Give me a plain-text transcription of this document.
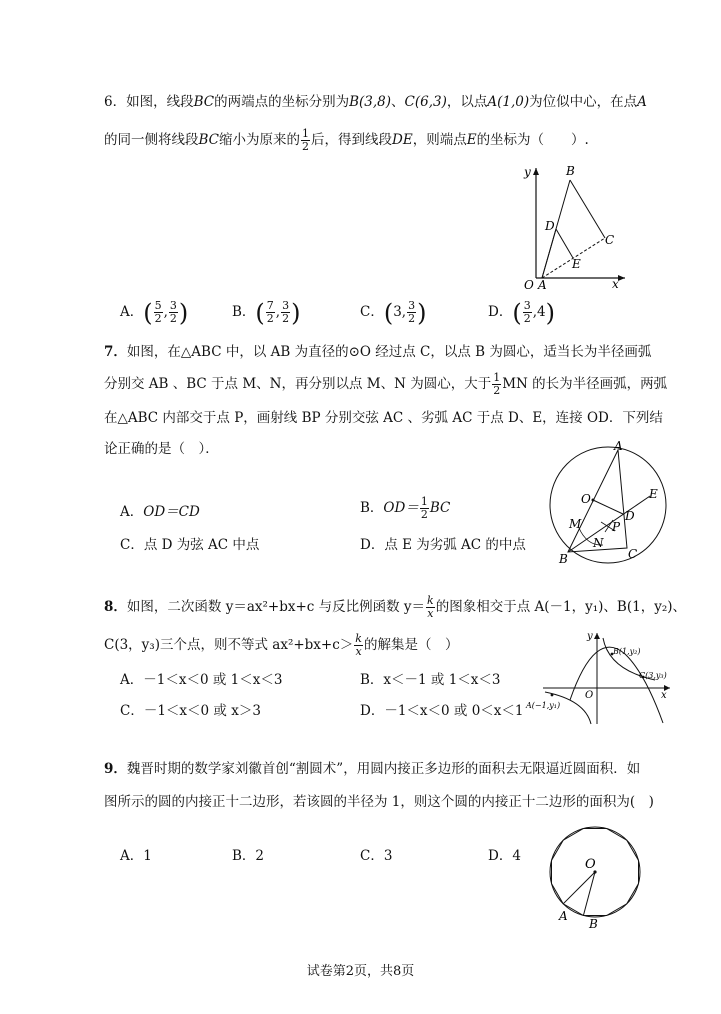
6．如图，线段BC的两端点的坐标分别为B(3,8)、C(6,3)，以点A(1,0)为位似中心，在点A
的同一侧将线段BC缩小为原来的 $\frac{1}{2}$ 后，得到线段DE，则端点E的坐标为（　　）.
y
x
O A
B
C
D
E
A．( $\frac{5}{2}$ , $\frac{3}{2}$ )	B．( $\frac{7}{2}$ , $\frac{3}{2}$ )	C．(3, $\frac{3}{2}$ )	D．( $\frac{3}{2} ,4$)
7．如图，在△ABC 中，以 AB 为直径的⊙O 经过点 C，以点 B 为圆心，适当长为半径画弧
分别交 AB 、BC 于点 M、N，再分别以点 M、N 为圆心，大于 $\frac{1}{2}$ MN 的长为半径画弧，两弧
在△ABC 内部交于点 P，画射线 BP 分别交弦 AC 、劣弧 AC 于点 D、E，连接 OD．下列结
论正确的是（　）．	A
B	C
O
D
E
M
N
P
A．OD＝CD	B．$OD= \frac{1}{2}$ BC
C．点 D 为弦 AC 中点	D．点 E 为劣弧 AC 的中点
8．如图，二次函数 y＝ax²+bx+c 与反比例函数 $y= \frac{k}{x}$ 的图象相交于点 A(－1，y₁)、B(1，y₂)、
C(3，y₃)三个点，则不等式 $ax^2+bx+c> \frac{k}{x}$ 的解集是（　）
A．－1＜x＜0 或 1＜x＜3	B．x＜－1 或 1＜x＜3
C．－1＜x＜0 或 x＞3	D．－1＜x＜0 或 0＜x＜1
y
x
O
A(−1,y₁)
B(1,y₂)
C(3,y₃)
9．魏晋时期的数学家刘徽首创“割圆术”，用圆内接正多边形的面积去无限逼近圆面积．如
图所示的圆的内接正十二边形，若该圆的半径为 1，则这个圆的内接正十二边形的面积为(　)
A．1	B．2	C．3	D．4
O
A
B
试卷第2页，共8页
